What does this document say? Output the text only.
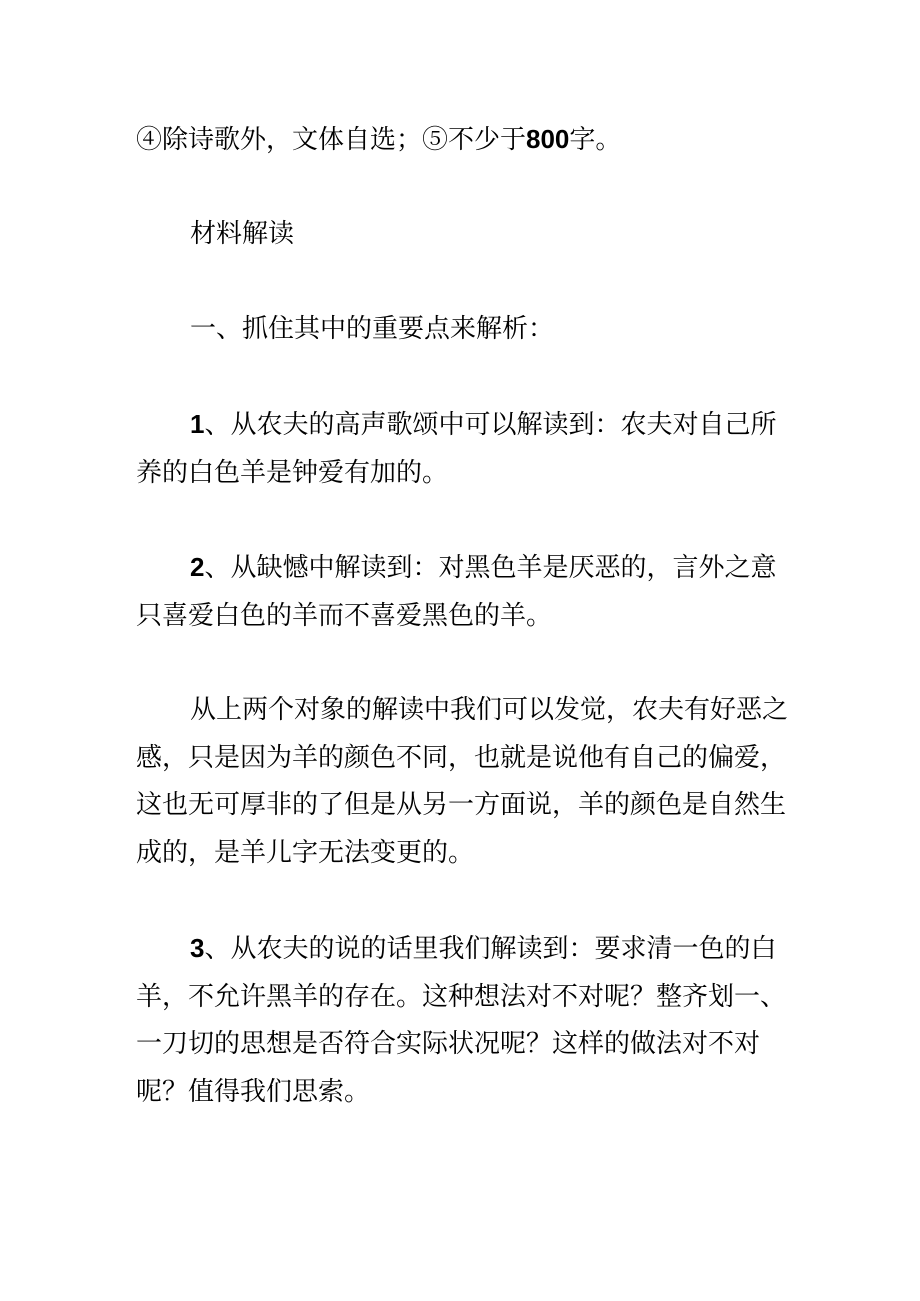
④除诗歌外，文体自选；⑤不少于800字。

材料解读

一、抓住其中的重要点来解析：

1、从农夫的高声歌颂中可以解读到：农夫对自己所
养的白色羊是钟爱有加的。

2、从缺憾中解读到：对黑色羊是厌恶的，言外之意
只喜爱白色的羊而不喜爱黑色的羊。

从上两个对象的解读中我们可以发觉，农夫有好恶之
感，只是因为羊的颜色不同，也就是说他有自己的偏爱，
这也无可厚非的了但是从另一方面说，羊的颜色是自然生
成的，是羊儿字无法变更的。

3、从农夫的说的话里我们解读到：要求清一色的白
羊，不允许黑羊的存在。这种想法对不对呢？整齐划一、
一刀切的思想是否符合实际状况呢？这样的做法对不对
呢？值得我们思索。
